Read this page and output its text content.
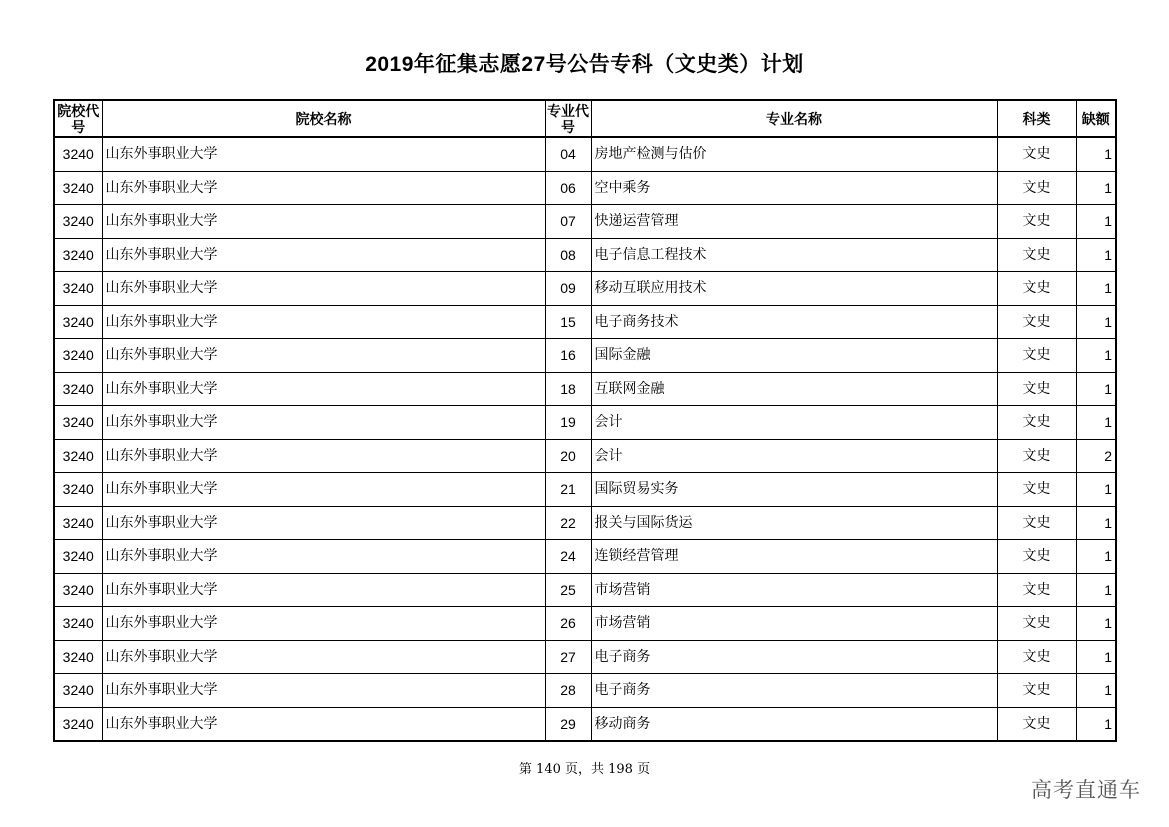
2019年征集志愿27号公告专科（文史类）计划
院校代号	院校名称	专业代号	专业名称	科类	缺额
3240	山东外事职业大学	04	房地产检测与估价	文史	1
3240	山东外事职业大学	06	空中乘务	文史	1
3240	山东外事职业大学	07	快递运营管理	文史	1
3240	山东外事职业大学	08	电子信息工程技术	文史	1
3240	山东外事职业大学	09	移动互联应用技术	文史	1
3240	山东外事职业大学	15	电子商务技术	文史	1
3240	山东外事职业大学	16	国际金融	文史	1
3240	山东外事职业大学	18	互联网金融	文史	1
3240	山东外事职业大学	19	会计	文史	1
3240	山东外事职业大学	20	会计	文史	2
3240	山东外事职业大学	21	国际贸易实务	文史	1
3240	山东外事职业大学	22	报关与国际货运	文史	1
3240	山东外事职业大学	24	连锁经营管理	文史	1
3240	山东外事职业大学	25	市场营销	文史	1
3240	山东外事职业大学	26	市场营销	文史	1
3240	山东外事职业大学	27	电子商务	文史	1
3240	山东外事职业大学	28	电子商务	文史	1
3240	山东外事职业大学	29	移动商务	文史	1
第 140 页，共 198 页
高考直通车
